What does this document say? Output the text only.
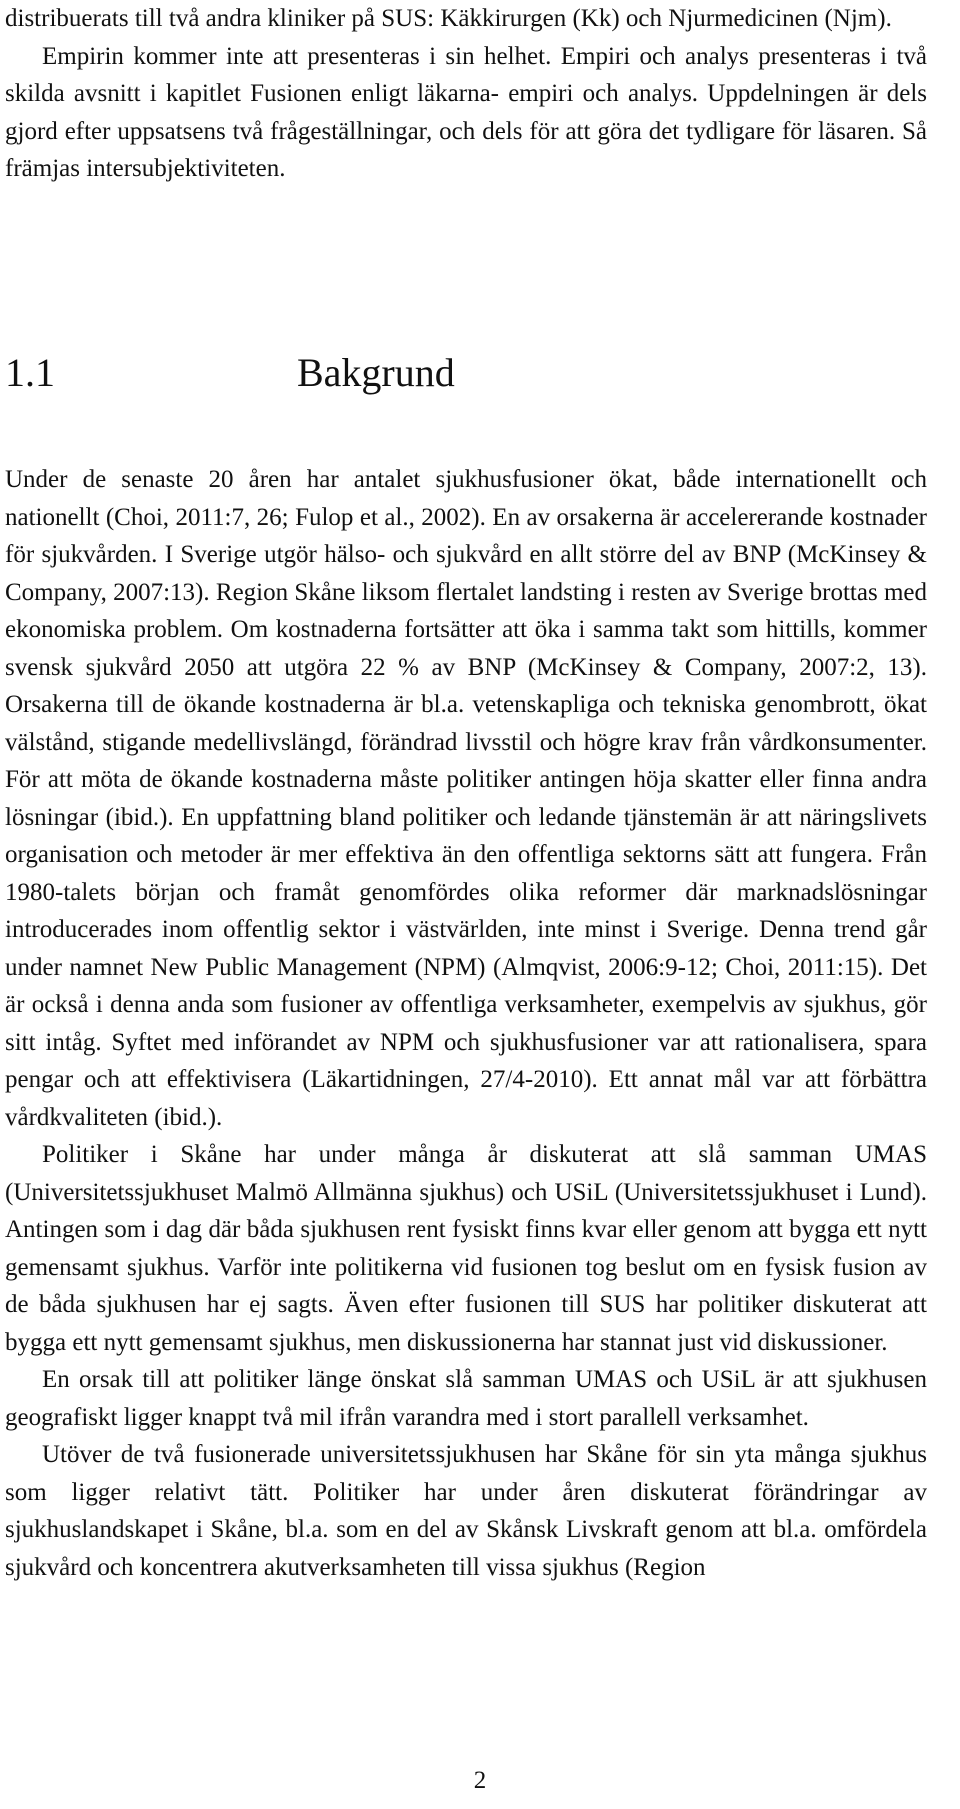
distribuerats till två andra kliniker på SUS: Käkkirurgen (Kk) och Njurmedicinen (Njm).

Empirin kommer inte att presenteras i sin helhet. Empiri och analys presenteras i två skilda avsnitt i kapitlet Fusionen enligt läkarna- empiri och analys. Uppdelningen är dels gjord efter uppsatsens två frågeställningar, och dels för att göra det tydligare för läsaren. Så främjas intersubjektiviteten.

1.1	Bakgrund

Under de senaste 20 åren har antalet sjukhusfusioner ökat, både internationellt och nationellt (Choi, 2011:7, 26; Fulop et al., 2002). En av orsakerna är accelererande kostnader för sjukvården. I Sverige utgör hälso- och sjukvård en allt större del av BNP (McKinsey & Company, 2007:13). Region Skåne liksom flertalet landsting i resten av Sverige brottas med ekonomiska problem. Om kostnaderna fortsätter att öka i samma takt som hittills, kommer svensk sjukvård 2050 att utgöra 22 % av BNP (McKinsey & Company, 2007:2, 13). Orsakerna till de ökande kostnaderna är bl.a. vetenskapliga och tekniska genombrott, ökat välstånd, stigande medellivslängd, förändrad livsstil och högre krav från vårdkonsumenter. För att möta de ökande kostnaderna måste politiker antingen höja skatter eller finna andra lösningar (ibid.). En uppfattning bland politiker och ledande tjänstemän är att näringslivets organisation och metoder är mer effektiva än den offentliga sektorns sätt att fungera. Från 1980-talets början och framåt genomfördes olika reformer där marknadslösningar introducerades inom offentlig sektor i västvärlden, inte minst i Sverige. Denna trend går under namnet New Public Management (NPM) (Almqvist, 2006:9-12; Choi, 2011:15). Det är också i denna anda som fusioner av offentliga verksamheter, exempelvis av sjukhus, gör sitt intåg. Syftet med införandet av NPM och sjukhusfusioner var att rationalisera, spara pengar och att effektivisera (Läkartidningen, 27/4-2010). Ett annat mål var att förbättra vårdkvaliteten (ibid.).

Politiker i Skåne har under många år diskuterat att slå samman UMAS (Universitetssjukhuset Malmö Allmänna sjukhus) och USiL (Universitetssjukhuset i Lund). Antingen som i dag där båda sjukhusen rent fysiskt finns kvar eller genom att bygga ett nytt gemensamt sjukhus. Varför inte politikerna vid fusionen tog beslut om en fysisk fusion av de båda sjukhusen har ej sagts. Även efter fusionen till SUS har politiker diskuterat att bygga ett nytt gemensamt sjukhus, men diskussionerna har stannat just vid diskussioner.

En orsak till att politiker länge önskat slå samman UMAS och USiL är att sjukhusen geografiskt ligger knappt två mil ifrån varandra med i stort parallell verksamhet.

Utöver de två fusionerade universitetssjukhusen har Skåne för sin yta många sjukhus som ligger relativt tätt. Politiker har under åren diskuterat förändringar av sjukhuslandskapet i Skåne, bl.a. som en del av Skånsk Livskraft genom att bl.a. omfördela sjukvård och koncentrera akutverksamheten till vissa sjukhus (Region

2
